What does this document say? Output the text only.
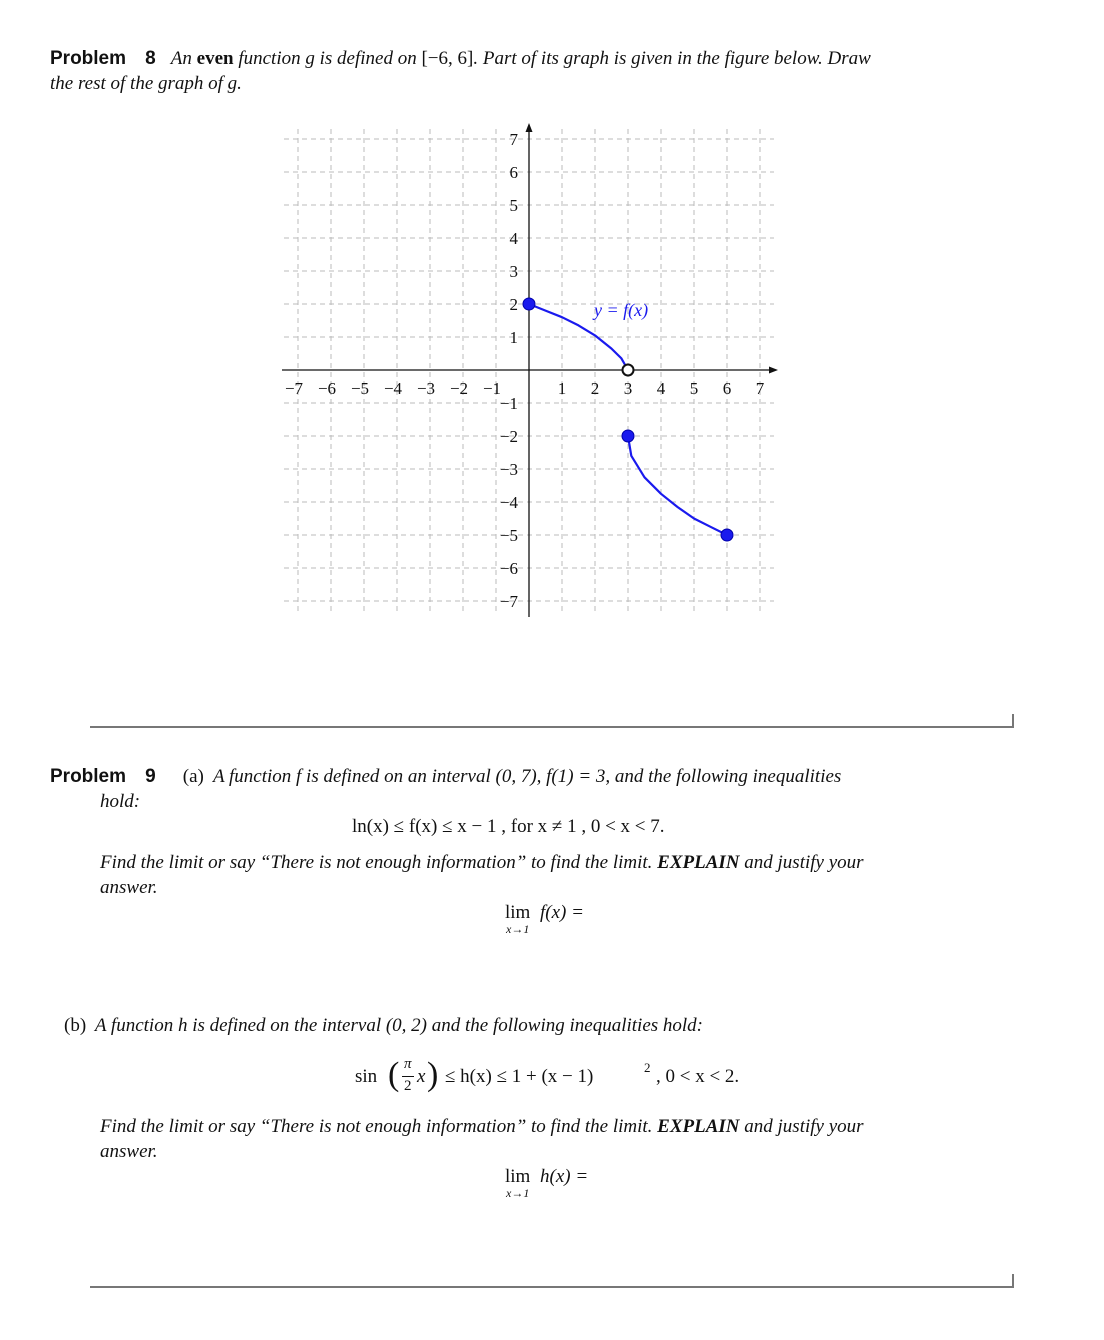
Problem 8 An even function g is defined on [−6, 6]. Part of its graph is given in the figure below. Draw
the rest of the graph of g.
−7 −6 −5 −4 −3 −2 −1	1 2 3 4 5 6 7
7
6
5
4
3
2
1
−1
−2
−3
−4
−5
−6
−7
y = f(x)
Problem 9 (a) A function f is defined on an interval (0, 7), f(1) = 3, and the following inequalities
hold:
ln(x) ≤ f(x) ≤ x − 1 , for x ≠ 1 , 0 < x < 7.
Find the limit or say “There is not enough information” to find the limit. EXPLAIN and justify your
answer.
lim
x→1
f(x) =
(b) A function h is defined on the interval (0, 2) and the following inequalities hold:
sin ( π
2 x ) ≤ h(x) ≤ 1 + (x − 1)	2 , 0 < x < 2.
Find the limit or say “There is not enough information” to find the limit. EXPLAIN and justify your
answer.
lim
x→1
h(x) =
